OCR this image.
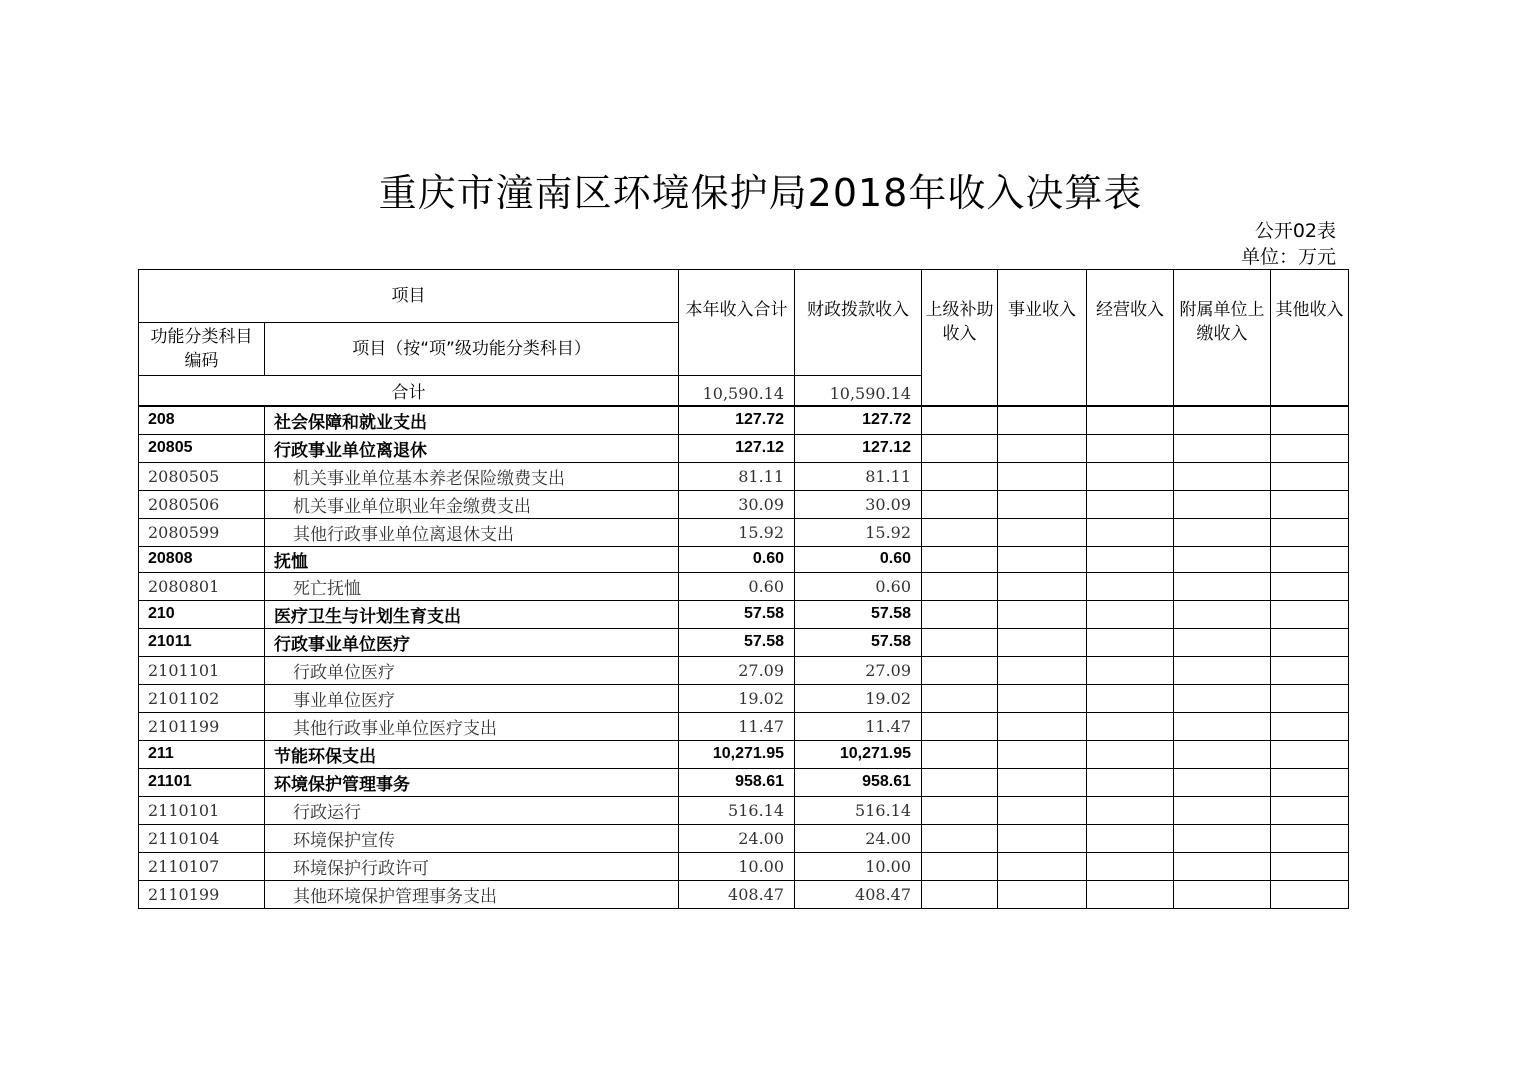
重庆市潼南区环境保护局2018年收入决算表
公开02表
单位：万元
项目		本年收入合计	财政拨款收入	上级补助收入	事业收入	经营收入	附属单位上缴收入	其他收入
功能分类科目编码	项目（按“项”级功能分类科目）							
合计		10,590.14	10,590.14					
208	社会保障和就业支出	127.72	127.72					
20805	行政事业单位离退休	127.12	127.12					
2080505	机关事业单位基本养老保险缴费支出	81.11	81.11					
2080506	机关事业单位职业年金缴费支出	30.09	30.09					
2080599	其他行政事业单位离退休支出	15.92	15.92					
20808	抚恤	0.60	0.60					
2080801	死亡抚恤	0.60	0.60					
210	医疗卫生与计划生育支出	57.58	57.58					
21011	行政事业单位医疗	57.58	57.58					
2101101	行政单位医疗	27.09	27.09					
2101102	事业单位医疗	19.02	19.02					
2101199	其他行政事业单位医疗支出	11.47	11.47					
211	节能环保支出	10,271.95	10,271.95					
21101	环境保护管理事务	958.61	958.61					
2110101	行政运行	516.14	516.14					
2110104	环境保护宣传	24.00	24.00					
2110107	环境保护行政许可	10.00	10.00					
2110199	其他环境保护管理事务支出	408.47	408.47					
